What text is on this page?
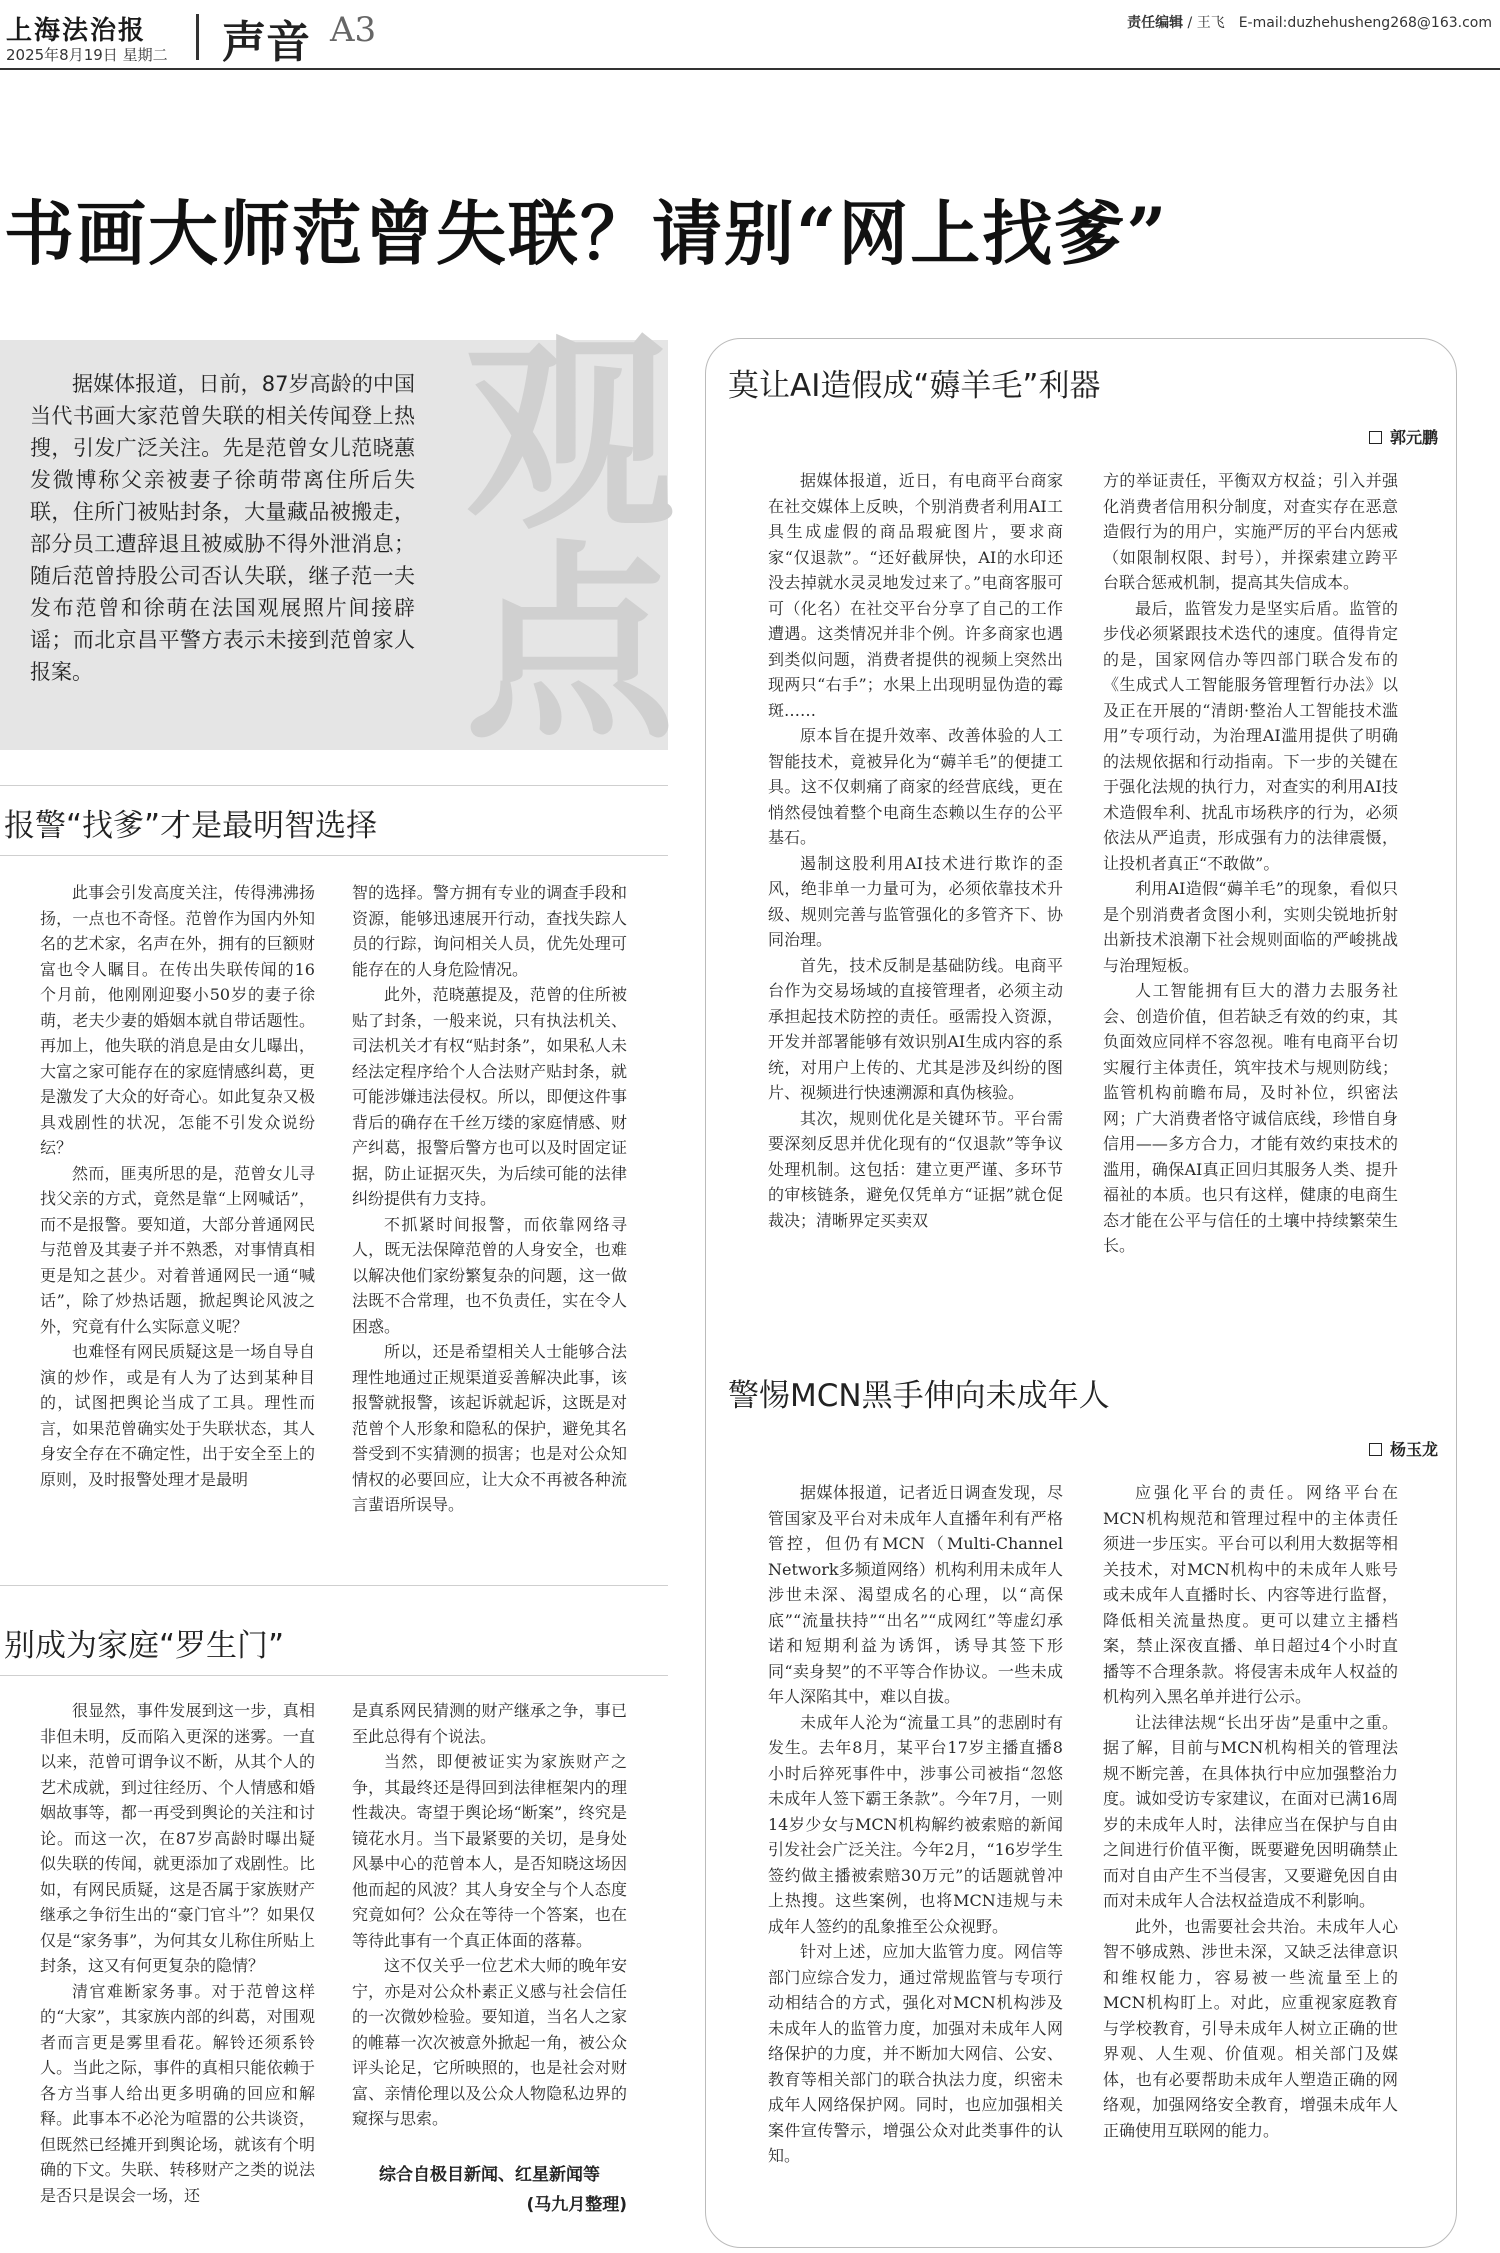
上海法治报
2025年8月19日 星期二 声音 A3	责任编辑 / 王飞　 E-mail:duzhehusheng268@163.com
书画大师范曾失联？请别“网上找爹”

据媒体报道，日前，87岁高龄的中国当代书画大家范曾失联的相关传闻登上热搜，引发广泛关注。先是范曾女儿范晓蕙发微博称父亲被妻子徐萌带离住所后失联，住所门被贴封条，大量藏品被搬走，部分员工遭辞退且被威胁不得外泄消息；随后范曾持股公司否认失联，继子范一夫发布范曾和徐萌在法国观展照片间接辟谣；而北京昌平警方表示未接到范曾家人报案。

观
点
报警“找爹”才是最明智选择

此事会引发高度关注，传得沸沸扬扬，一点也不奇怪。范曾作为国内外知名的艺术家，名声在外，拥有的巨额财富也令人瞩目。在传出失联传闻的16个月前，他刚刚迎娶小50岁的妻子徐萌，老夫少妻的婚姻本就自带话题性。再加上，他失联的消息是由女儿曝出，大富之家可能存在的家庭情感纠葛，更是激发了大众的好奇心。如此复杂又极具戏剧性的状况，怎能不引发众说纷纭？

然而，匪夷所思的是，范曾女儿寻找父亲的方式，竟然是靠“上网喊话”，而不是报警。要知道，大部分普通网民与范曾及其妻子并不熟悉，对事情真相更是知之甚少。对着普通网民一通“喊话”，除了炒热话题，掀起舆论风波之外，究竟有什么实际意义呢？

也难怪有网民质疑这是一场自导自演的炒作，或是有人为了达到某种目的，试图把舆论当成了工具。理性而言，如果范曾确实处于失联状态，其人身安全存在不确定性，出于安全至上的原则，及时报警处理才是最明

智的选择。警方拥有专业的调查手段和资源，能够迅速展开行动，查找失踪人员的行踪，询问相关人员，优先处理可能存在的人身危险情况。

此外，范晓蕙提及，范曾的住所被贴了封条，一般来说，只有执法机关、司法机关才有权“贴封条”，如果私人未经法定程序给个人合法财产贴封条，就可能涉嫌违法侵权。所以，即便这件事背后的确存在千丝万缕的家庭情感、财产纠葛，报警后警方也可以及时固定证据，防止证据灭失，为后续可能的法律纠纷提供有力支持。

不抓紧时间报警，而依靠网络寻人，既无法保障范曾的人身安全，也难以解决他们家纷繁复杂的问题，这一做法既不合常理，也不负责任，实在令人困惑。

所以，还是希望相关人士能够合法理性地通过正规渠道妥善解决此事，该报警就报警，该起诉就起诉，这既是对范曾个人形象和隐私的保护，避免其名誉受到不实猜测的损害；也是对公众知情权的必要回应，让大众不再被各种流言蜚语所误导。

别成为家庭“罗生门”

很显然，事件发展到这一步，真相非但未明，反而陷入更深的迷雾。一直以来，范曾可谓争议不断，从其个人的艺术成就，到过往经历、个人情感和婚姻故事等，都一再受到舆论的关注和讨论。而这一次，在87岁高龄时曝出疑似失联的传闻，就更添加了戏剧性。比如，有网民质疑，这是否属于家族财产继承之争衍生出的“豪门官斗”？如果仅仅是“家务事”，为何其女儿称住所贴上封条，这又有何更复杂的隐情？

清官难断家务事。对于范曾这样的“大家”，其家族内部的纠葛，对围观者而言更是雾里看花。解铃还须系铃人。当此之际，事件的真相只能依赖于各方当事人给出更多明确的回应和解释。此事本不必沦为喧嚣的公共谈资，但既然已经摊开到舆论场，就该有个明确的下文。失联、转移财产之类的说法是否只是误会一场，还

是真系网民猜测的财产继承之争，事已至此总得有个说法。

当然，即便被证实为家族财产之争，其最终还是得回到法律框架内的理性裁决。寄望于舆论场“断案”，终究是镜花水月。当下最紧要的关切，是身处风暴中心的范曾本人，是否知晓这场因他而起的风波？其人身安全与个人态度究竟如何？公众在等待一个答案，也在等待此事有一个真正体面的落幕。

这不仅关乎一位艺术大师的晚年安宁，亦是对公众朴素正义感与社会信任的一次微妙检验。要知道，当名人之家的帷幕一次次被意外掀起一角，被公众评头论足，它所映照的，也是社会对财富、亲情伦理以及公众人物隐私边界的窥探与思索。

综合自极目新闻、红星新闻等
(马九月整理)
莫让AI造假成“薅羊毛”利器
郭元鹏

据媒体报道，近日，有电商平台商家在社交媒体上反映，个别消费者利用AI工具生成虚假的商品瑕疵图片，要求商家“仅退款”。“还好截屏快，AI的水印还没去掉就水灵灵地发过来了。”电商客服可可（化名）在社交平台分享了自己的工作遭遇。这类情况并非个例。许多商家也遇到类似问题，消费者提供的视频上突然出现两只“右手”；水果上出现明显伪造的霉斑……

原本旨在提升效率、改善体验的人工智能技术，竟被异化为“薅羊毛”的便捷工具。这不仅刺痛了商家的经营底线，更在悄然侵蚀着整个电商生态赖以生存的公平基石。

遏制这股利用AI技术进行欺诈的歪风，绝非单一力量可为，必须依靠技术升级、规则完善与监管强化的多管齐下、协同治理。

首先，技术反制是基础防线。电商平台作为交易场域的直接管理者，必须主动承担起技术防控的责任。亟需投入资源，开发并部署能够有效识别AI生成内容的系统，对用户上传的、尤其是涉及纠纷的图片、视频进行快速溯源和真伪核验。

其次，规则优化是关键环节。平台需要深刻反思并优化现有的“仅退款”等争议处理机制。这包括：建立更严谨、多环节的审核链条，避免仅凭单方“证据”就仓促裁决；清晰界定买卖双

方的举证责任，平衡双方权益；引入并强化消费者信用积分制度，对查实存在恶意造假行为的用户，实施严厉的平台内惩戒（如限制权限、封号），并探索建立跨平台联合惩戒机制，提高其失信成本。

最后，监管发力是坚实后盾。监管的步伐必须紧跟技术迭代的速度。值得肯定的是，国家网信办等四部门联合发布的《生成式人工智能服务管理暂行办法》以及正在开展的“清朗·整治人工智能技术滥用”专项行动，为治理AI滥用提供了明确的法规依据和行动指南。下一步的关键在于强化法规的执行力，对查实的利用AI技术造假牟利、扰乱市场秩序的行为，必须依法从严追责，形成强有力的法律震慑，让投机者真正“不敢做”。

利用AI造假“薅羊毛”的现象，看似只是个别消费者贪图小利，实则尖锐地折射出新技术浪潮下社会规则面临的严峻挑战与治理短板。

人工智能拥有巨大的潜力去服务社会、创造价值，但若缺乏有效的约束，其负面效应同样不容忽视。唯有电商平台切实履行主体责任，筑牢技术与规则防线；监管机构前瞻布局，及时补位，织密法网；广大消费者恪守诚信底线，珍惜自身信用——多方合力，才能有效约束技术的滥用，确保AI真正回归其服务人类、提升福祉的本质。也只有这样，健康的电商生态才能在公平与信任的土壤中持续繁荣生长。

警惕MCN黑手伸向未成年人
杨玉龙

据媒体报道，记者近日调查发现，尽管国家及平台对未成年人直播年利有严格管控，但仍有MCN（Multi-Channel Network多频道网络）机构利用未成年人涉世未深、渴望成名的心理，以“高保底”“流量扶持”“出名”“成网红”等虚幻承诺和短期利益为诱饵，诱导其签下形同“卖身契”的不平等合作协议。一些未成年人深陷其中，难以自拔。

未成年人沦为“流量工具”的悲剧时有发生。去年8月，某平台17岁主播直播8小时后猝死事件中，涉事公司被指“忽悠未成年人签下霸王条款”。今年7月，一则14岁少女与MCN机构解约被索赔的新闻引发社会广泛关注。今年2月，“16岁学生签约做主播被索赔30万元”的话题就曾冲上热搜。这些案例，也将MCN违规与未成年人签约的乱象推至公众视野。

针对上述，应加大监管力度。网信等部门应综合发力，通过常规监管与专项行动相结合的方式，强化对MCN机构涉及未成年人的监管力度，加强对未成年人网络保护的力度，并不断加大网信、公安、教育等相关部门的联合执法力度，织密未成年人网络保护网。同时，也应加强相关案件宣传警示，增强公众对此类事件的认知。

应强化平台的责任。网络平台在MCN机构规范和管理过程中的主体责任须进一步压实。平台可以利用大数据等相关技术，对MCN机构中的未成年人账号或未成年人直播时长、内容等进行监督，降低相关流量热度。更可以建立主播档案，禁止深夜直播、单日超过4个小时直播等不合理条款。将侵害未成年人权益的机构列入黑名单并进行公示。

让法律法规“长出牙齿”是重中之重。据了解，目前与MCN机构相关的管理法规不断完善，在具体执行中应加强整治力度。诚如受访专家建议，在面对已满16周岁的未成年人时，法律应当在保护与自由之间进行价值平衡，既要避免因明确禁止而对自由产生不当侵害，又要避免因自由而对未成年人合法权益造成不利影响。

此外，也需要社会共治。未成年人心智不够成熟、涉世未深，又缺乏法律意识和维权能力，容易被一些流量至上的MCN机构盯上。对此，应重视家庭教育与学校教育，引导未成年人树立正确的世界观、人生观、价值观。相关部门及媒体，也有必要帮助未成年人塑造正确的网络观，加强网络安全教育，增强未成年人正确使用互联网的能力。
